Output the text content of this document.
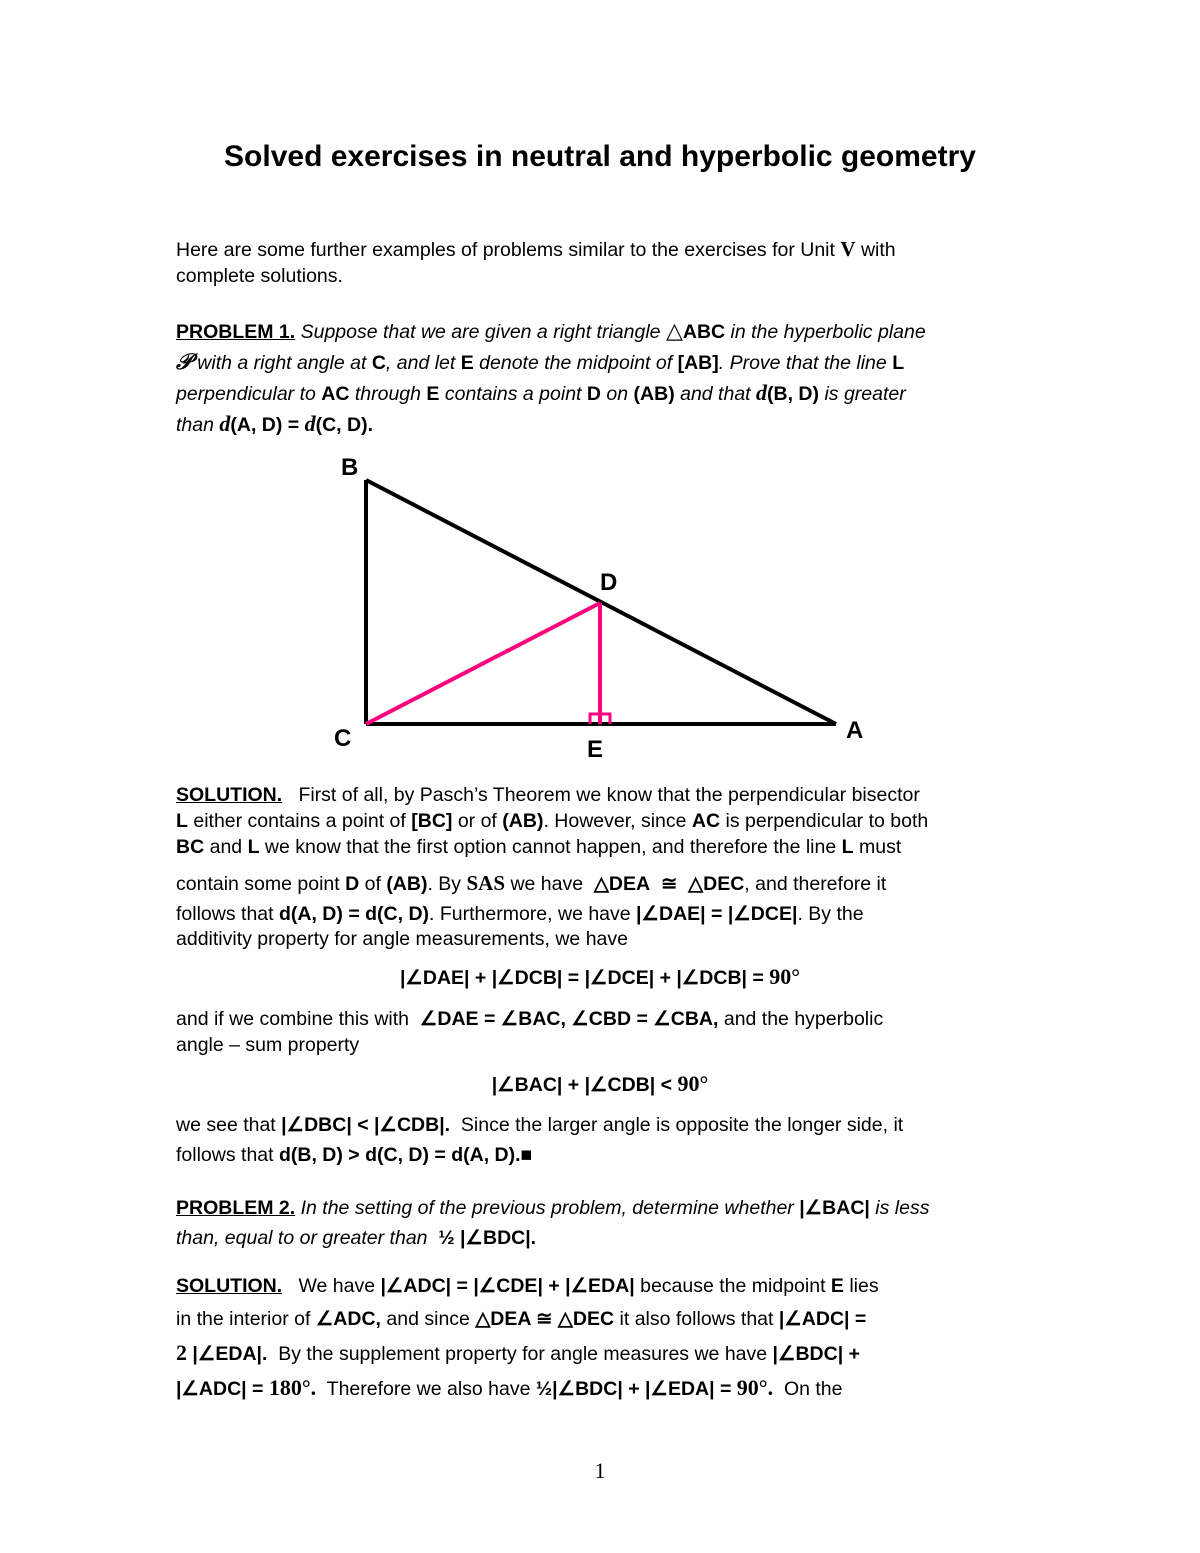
Solved exercises in neutral and hyperbolic geometry

Here are some further examples of problems similar to the exercises for Unit V with
complete solutions.

PROBLEM 1. Suppose that we are given a right triangle △ABC in the hyperbolic plane
𝒫 with a right angle at C, and let E denote the midpoint of [AB]. Prove that the line L
perpendicular to AC through E contains a point D on (AB) and that d(B, D) is greater
than d(A, D) = d(C, D).

B
D
C	E
A

SOLUTION. First of all, by Pasch’s Theorem we know that the perpendicular bisector
L either contains a point of [BC] or of (AB). However, since AC is perpendicular to both
BC and L we know that the first option cannot happen, and therefore the line L must

contain some point D of (AB). By SAS we have △DEA ≅ △DEC, and therefore it
follows that d(A, D) = d(C, D). Furthermore, we have |∠DAE| = |∠DCE|. By the

additivity property for angle measurements, we have

|∠DAE| + |∠DCB| = |∠DCE| + |∠DCB| = 90°

and if we combine this with ∠DAE = ∠BAC, ∠CBD = ∠CBA, and the hyperbolic
angle – sum property

|∠BAC| + |∠CDB| < 90°

we see that |∠DBC| < |∠CDB|. Since the larger angle is opposite the longer side, it
follows that d(B, D) > d(C, D) = d(A, D).■

PROBLEM 2. In the setting of the previous problem, determine whether |∠BAC| is less
than, equal to or greater than ½ |∠BDC|.

SOLUTION. We have |∠ADC| = |∠CDE| + |∠EDA| because the midpoint E lies
in the interior of ∠ADC, and since △DEA ≅ △DEC it also follows that |∠ADC| =
2 |∠EDA|. By the supplement property for angle measures we have |∠BDC| +
|∠ADC| = 180°. Therefore we also have ½|∠BDC| + |∠EDA| = 90°. On the

1
